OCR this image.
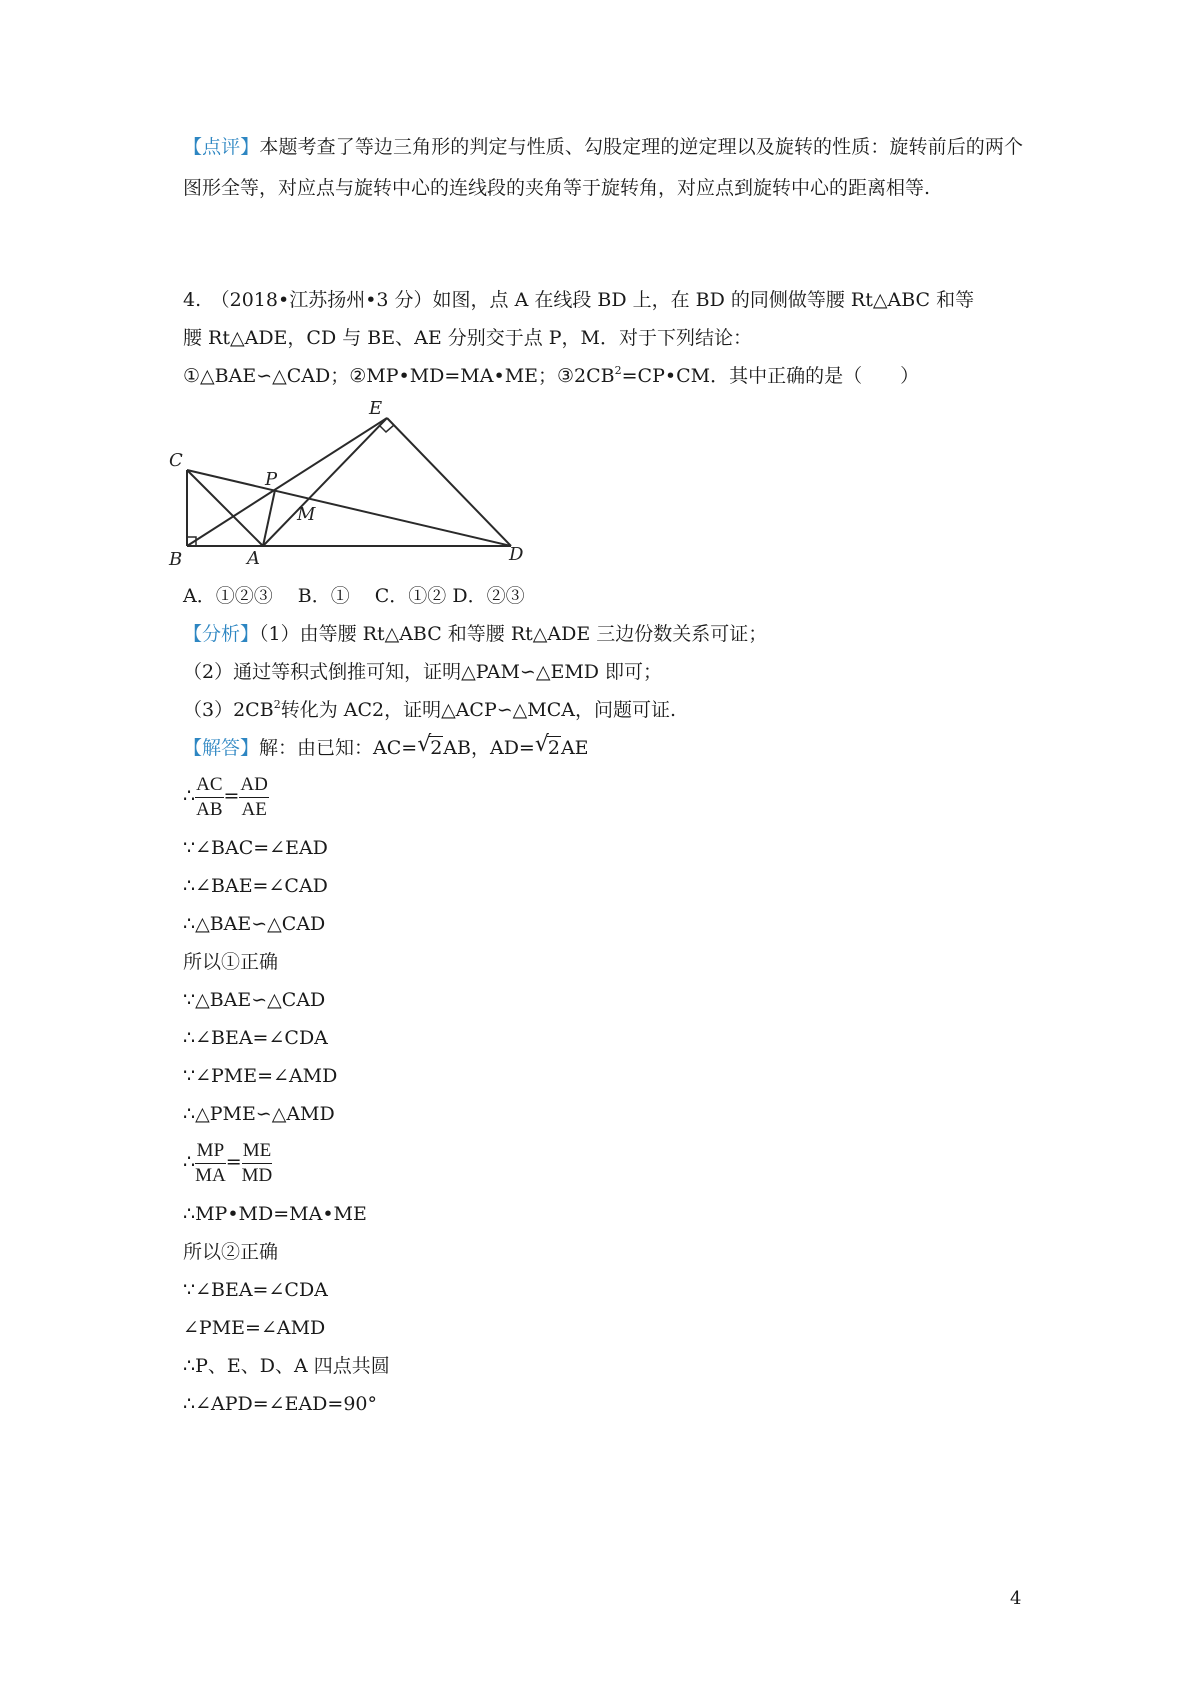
【点评】本题考查了等边三角形的判定与性质、勾股定理的逆定理以及旋转的性质：旋转前后的两个图形全等，对应点与旋转中心的连线段的夹角等于旋转角，对应点到旋转中心的距离相等.

4.　（2018•江苏扬州•3 分）如图，点 A 在线段 BD 上，在 BD 的同侧做等腰 Rt△ABC 和等
腰 Rt△ADE，CD 与 BE、AE 分别交于点 P，M．对于下列结论：
①△BAE∽△CAD；②MP•MD=MA•ME；$③2CB^2=CP•CM$．其中正确的是（　　）
C
E
P
M
B	A	D
A．①②③　 B．①　 C．①② D．②③
【分析】（1）由等腰 Rt△ABC 和等腰 Rt△ADE 三边份数关系可证；
（2）通过等积式倒推可知，证明△PAM∽△EMD 即可；
$(3)2CB^2$转化为 AC2，证明△ACP∽△MCA，问题可证.
【解答】解：由已知：AC= √
2AB，AD= √
2AE
∴ $\frac{AC}{AB} = \frac{AD}{AE}$
∵∠BAC=∠EAD
∴∠BAE=∠CAD
∴△BAE∽△CAD
所以①正确
∵△BAE∽△CAD
∴∠BEA=∠CDA
∵∠PME=∠AMD
∴△PME∽△AMD
∴ $\frac{MP}{MA} = \frac{ME}{MD}$
∴MP•MD=MA•ME
所以②正确
∵∠BEA=∠CDA
∠PME=∠AMD
∴P、E、D、A 四点共圆
∴∠APD=∠EAD=90°
4
